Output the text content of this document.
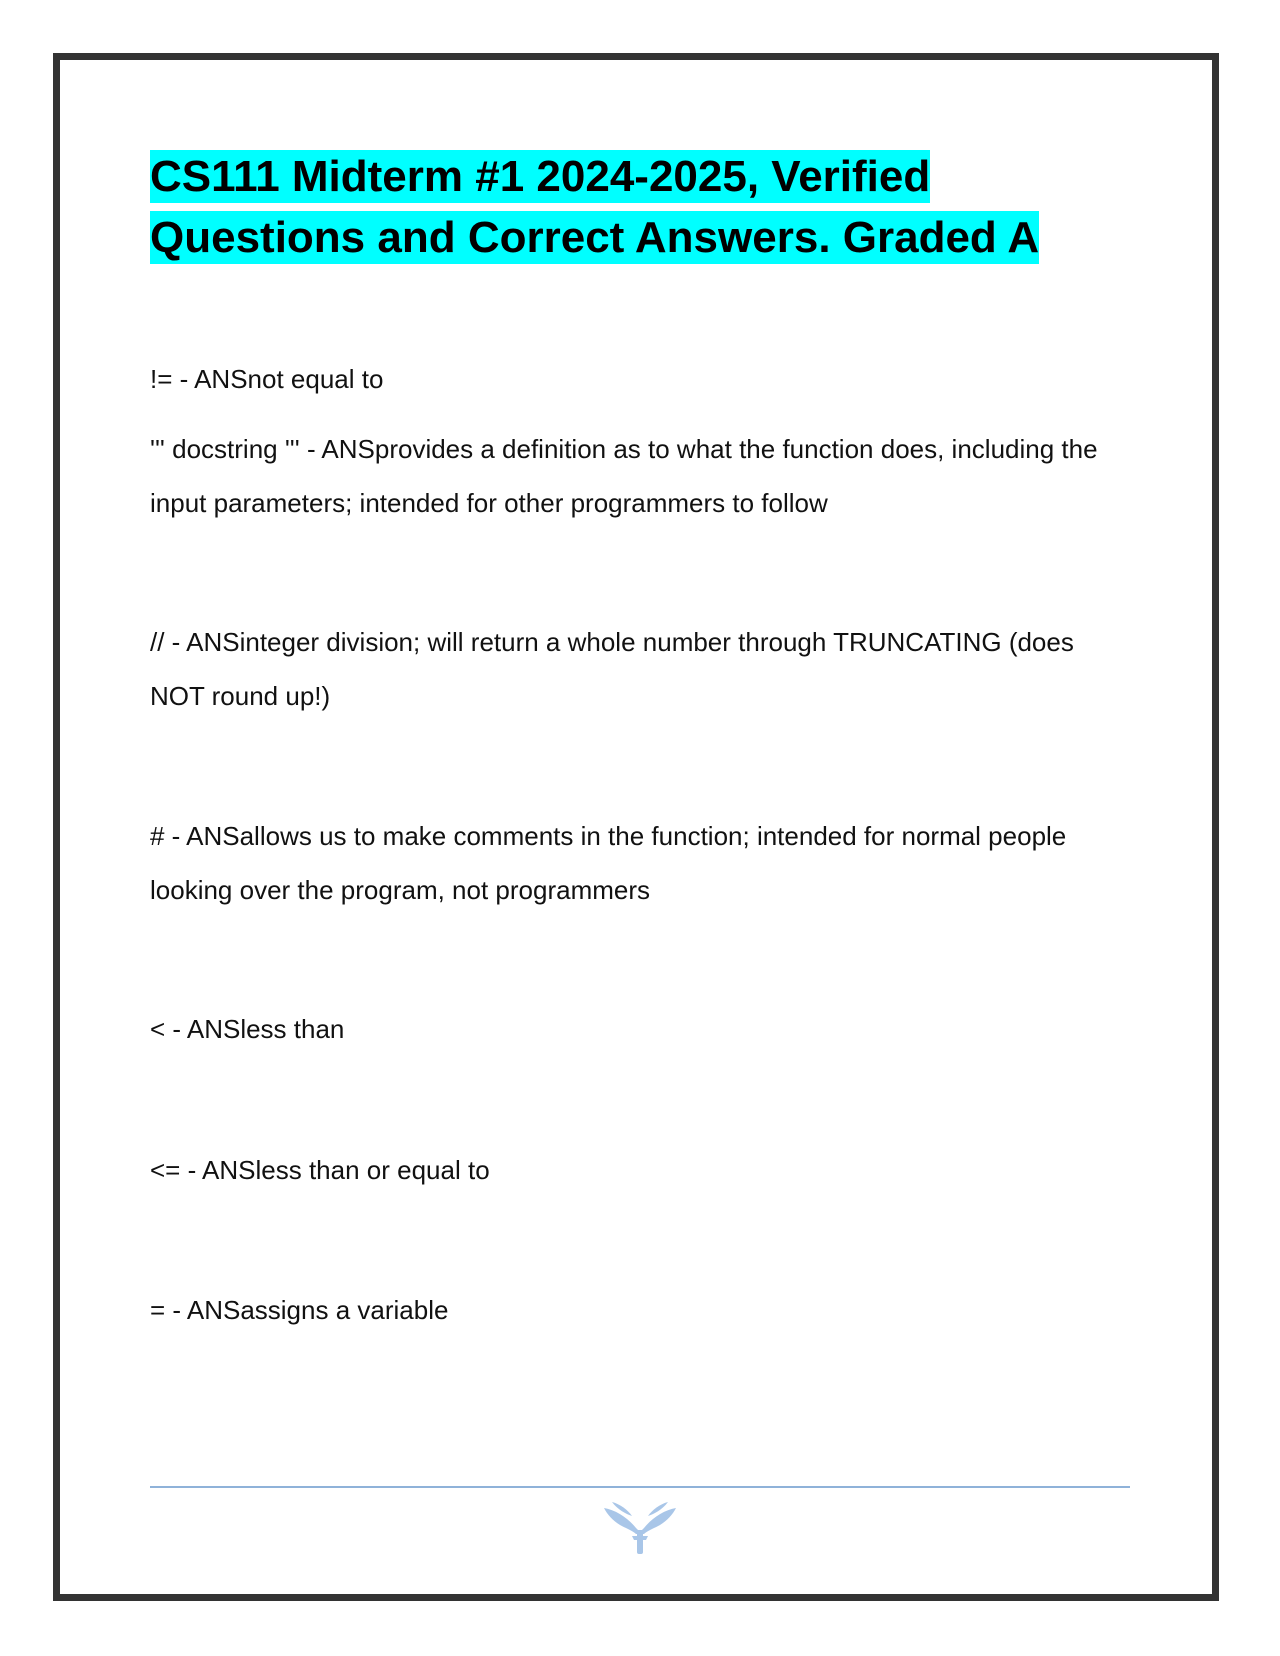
CS111 Midterm #1 2024-2025, Verified Questions and Correct Answers. Graded A

!= - ANSnot equal to

''' docstring ''' - ANSprovides a definition as to what the function does, including the input parameters; intended for other programmers to follow

// - ANSinteger division; will return a whole number through TRUNCATING (does NOT round up!)

# - ANSallows us to make comments in the function; intended for normal people looking over the program, not programmers

< - ANSless than

<= - ANSless than or equal to

= - ANSassigns a variable
